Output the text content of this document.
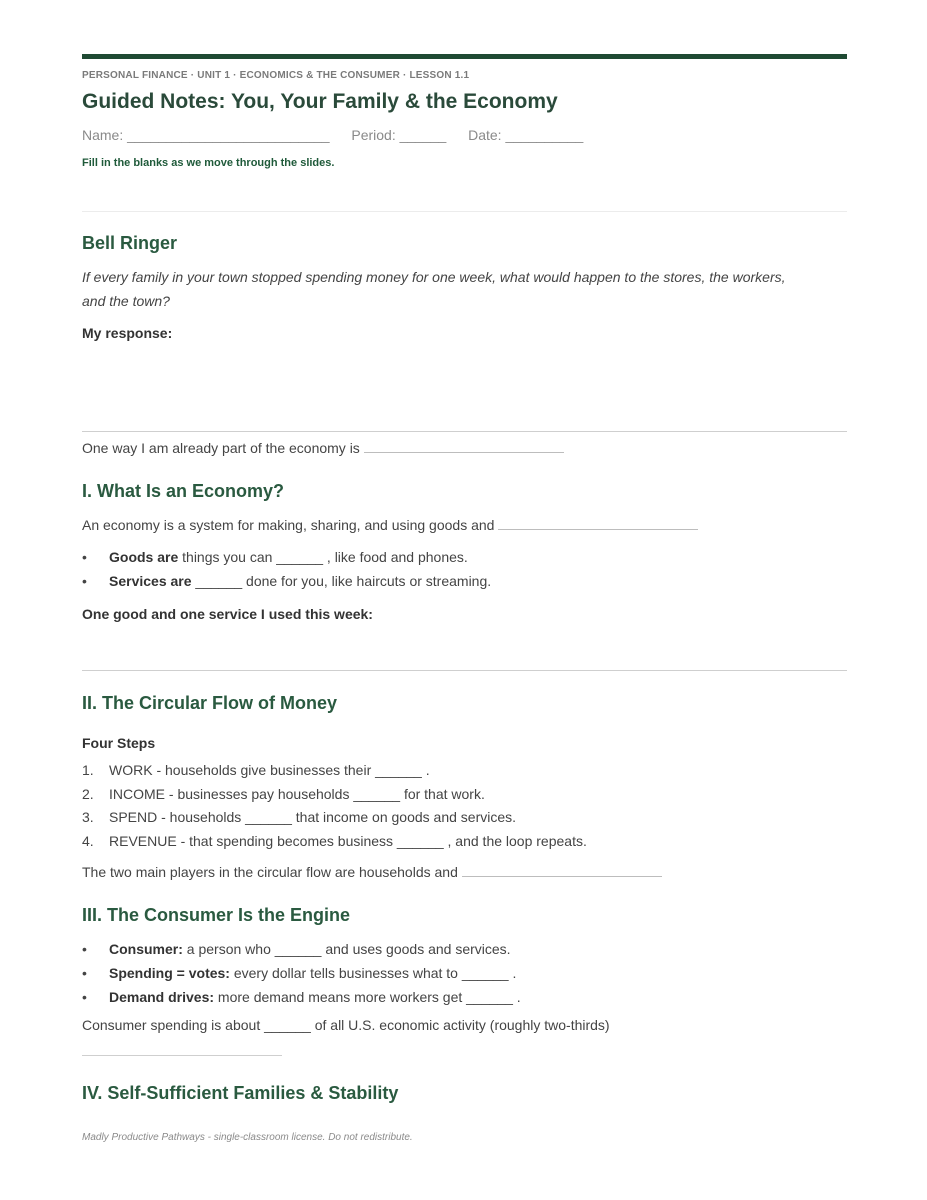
PERSONAL FINANCE · UNIT 1 · ECONOMICS & THE CONSUMER · LESSON 1.1
Guided Notes: You, Your Family & the Economy
Name: __________________________ Period: ______ Date: __________
Fill in the blanks as we move through the slides.
Bell Ringer
If every family in your town stopped spending money for one week, what would happen to the stores, the workers, and the town?
My response:
One way I am already part of the economy is
I. What Is an Economy?
An economy is a system for making, sharing, and using goods and
• Goods are things you can ______ , like food and phones.
• Services are ______ done for you, like haircuts or streaming.
One good and one service I used this week:
II. The Circular Flow of Money
Four Steps
1. WORK - households give businesses their ______ .
2. INCOME - businesses pay households ______ for that work.
3. SPEND - households ______ that income on goods and services.
4. REVENUE - that spending becomes business ______ , and the loop repeats.
The two main players in the circular flow are households and
III. The Consumer Is the Engine
• Consumer: a person who ______ and uses goods and services.
• Spending = votes: every dollar tells businesses what to ______ .
• Demand drives: more demand means more workers get ______ .
Consumer spending is about ______ of all U.S. economic activity (roughly two-thirds)
IV. Self-Sufficient Families & Stability
Madly Productive Pathways - single-classroom license. Do not redistribute.
